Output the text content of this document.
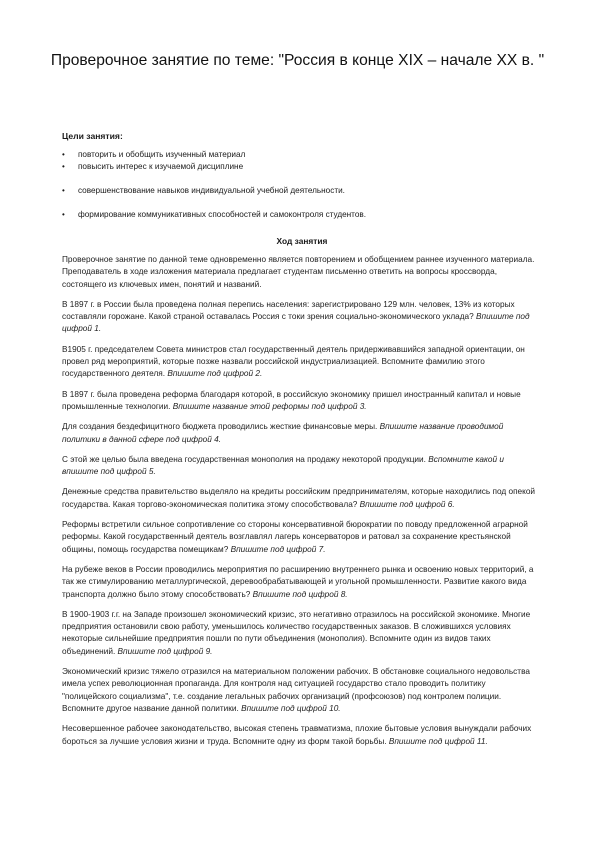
Проверочное занятие по теме: "Россия в конце XIX – начале XX в. "
Цели занятия:
• повторить и обобщить изученный материал
• повысить интерес к изучаемой дисциплине
• совершенствование навыков индивидуальной учебной деятельности.
• формирование коммуникативных способностей и самоконтроля студентов.
Ход занятия

Проверочное занятие по данной теме одновременно является повторением и обобщением раннее изученного материала. Преподаватель в ходе изложения материала предлагает студентам письменно ответить на вопросы кроссворда, состоящего из ключевых имен, понятий и названий.

В 1897 г. в России была проведена полная перепись населения: зарегистрировано 129 млн. человек, 13% из которых составляли горожане. Какой страной оставалась Россия с токи зрения социально-экономического уклада? Впишите под цифрой 1.

В1905 г. председателем Совета министров стал государственный деятель придерживавшийся западной ориентации, он провел ряд мероприятий, которые позже назвали российской индустриализацией. Вспомните фамилию этого государственного деятеля. Впишите под цифрой 2.

В 1897 г. была проведена реформа благодаря которой, в российскую экономику пришел иностранный капитал и новые промышленные технологии. Впишите название этой реформы под цифрой 3.

Для создания бездефицитного бюджета проводились жесткие финансовые меры. Впишите название проводимой политики в данной сфере под цифрой 4.

С этой же целью была введена государственная монополия на продажу некоторой продукции. Вспомните какой и впишите под цифрой 5.

Денежные средства правительство выделяло на кредиты российским предпринимателям, которые находились под опекой государства. Какая торгово-экономическая политика этому способствовала? Впишите под цифрой 6.

Реформы встретили сильное сопротивление со стороны консервативной бюрократии по поводу предложенной аграрной реформы. Какой государственный деятель возглавлял лагерь консерваторов и ратовал за сохранение крестьянской общины, помощь государства помещикам? Впишите под цифрой 7.

На рубеже веков в России проводились мероприятия по расширению внутреннего рынка и освоению новых территорий, а так же стимулированию металлургической, деревообрабатывающей и угольной промышленности. Развитие какого вида транспорта должно было этому способствовать? Впишите под цифрой 8.

В 1900-1903 г.г. на Западе произошел экономический кризис, это негативно отразилось на российской экономике. Многие предприятия остановили свою работу, уменьшилось количество государственных заказов. В сложившихся условиях некоторые сильнейшие предприятия пошли по пути объединения (монополия). Вспомните один из видов таких объединений. Впишите под цифрой 9.

Экономический кризис тяжело отразился на материальном положении рабочих. В обстановке социального недовольства имела успех революционная пропаганда. Для контроля над ситуацией государство стало проводить политику "полицейского социализма", т.е. создание легальных рабочих организаций (профсоюзов) под контролем полиции. Вспомните другое название данной политики. Впишите под цифрой 10.

Несовершенное рабочее законодательство, высокая степень травматизма, плохие бытовые условия вынуждали рабочих бороться за лучшие условия жизни и труда. Вспомните одну из форм такой борьбы. Впишите под цифрой 11.
